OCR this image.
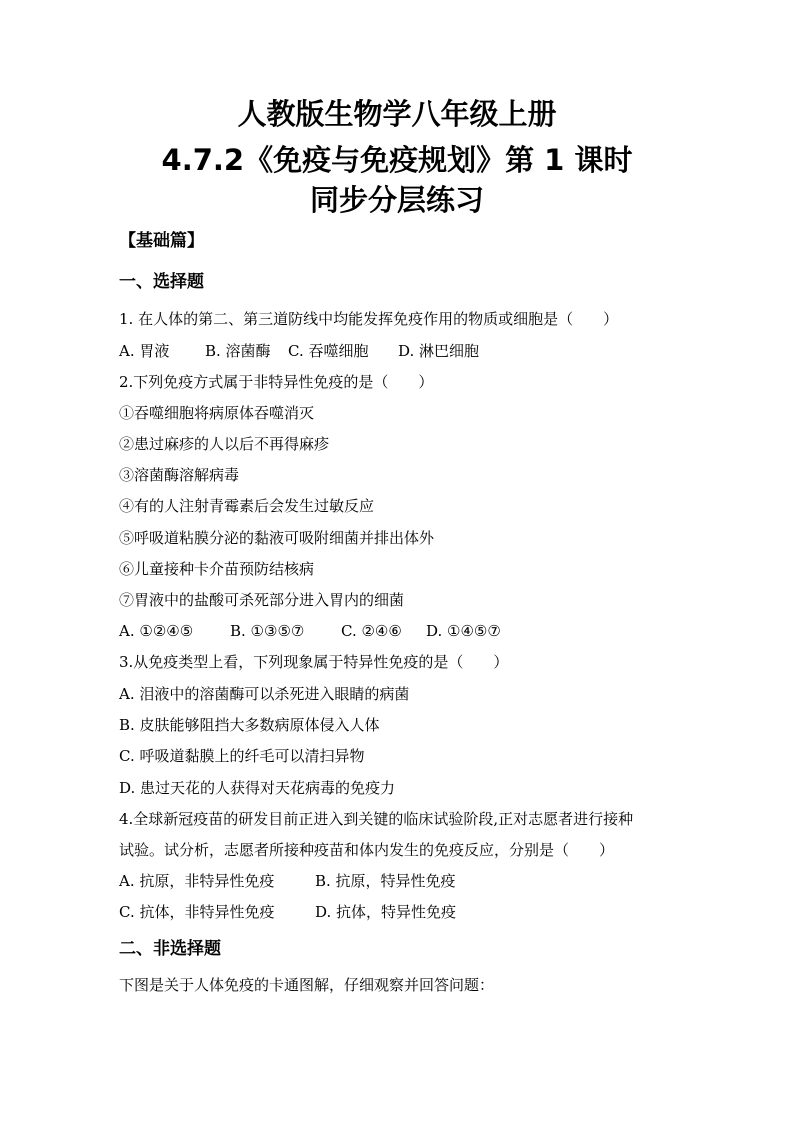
人教版生物学八年级上册
4.7.2《免疫与免疫规划》第 1 课时
同步分层练习
【基础篇】
一、选择题
1. 在人体的第二、第三道防线中均能发挥免疫作用的物质或细胞是（　　）
A. 胃液 B. 溶菌酶 C. 吞噬细胞 D. 淋巴细胞
2.下列免疫方式属于非特异性免疫的是（　　）
①吞噬细胞将病原体吞噬消灭
②患过麻疹的人以后不再得麻疹
③溶菌酶溶解病毒
④有的人注射青霉素后会发生过敏反应
⑤呼吸道粘膜分泌的黏液可吸附细菌并排出体外
⑥儿童接种卡介苗预防结核病
⑦胃液中的盐酸可杀死部分进入胃内的细菌
A. ①②④⑤ B. ①③⑤⑦ C. ②④⑥ D. ①④⑤⑦
3.从免疫类型上看，下列现象属于特异性免疫的是（　　）
A. 泪液中的溶菌酶可以杀死进入眼睛的病菌
B. 皮肤能够阻挡大多数病原体侵入人体
C. 呼吸道黏膜上的纤毛可以清扫异物
D. 患过天花的人获得对天花病毒的免疫力
4.全球新冠疫苗的研发目前正进入到关键的临床试验阶段,正对志愿者进行接种
试验。试分析，志愿者所接种疫苗和体内发生的免疫反应，分别是（　　）
A. 抗原，非特异性免疫	B. 抗原，特异性免疫
C. 抗体，非特异性免疫	D. 抗体，特异性免疫
二、非选择题
下图是关于人体免疫的卡通图解，仔细观察并回答问题：
